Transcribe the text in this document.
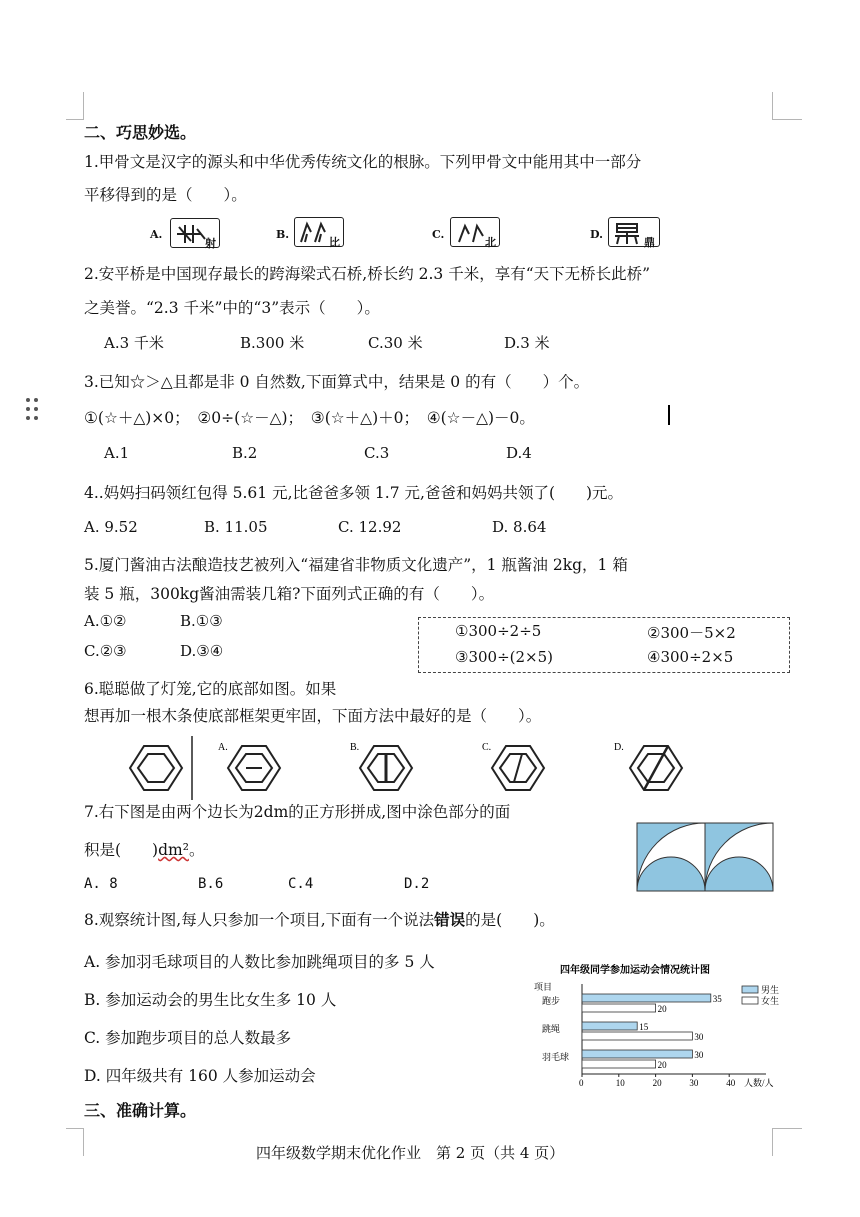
二、巧思妙选。
1.甲骨文是汉字的源头和中华优秀传统文化的根脉。下列甲骨文中能用其中一部分
平移得到的是（　　）。
A.
射
B.
比
C.
北
D.
鼎
2.安平桥是中国现存最长的跨海梁式石桥,桥长约 2.3 千米，享有“天下无桥长此桥”
之美誉。“2.3 千米”中的“3”表示（　　）。
A.3 千米	B.300 米	C.30 米	D.3 米
3.已知☆＞△且都是非 0 自然数,下面算式中，结果是 0 的有（　　）个。
①(☆＋△)×0；　②0÷(☆－△)；　③(☆＋△)＋0；　④(☆－△)－0。
A.1	B.2	C.3	D.4
4..妈妈扫码领红包得 5.61 元,比爸爸多领 1.7 元,爸爸和妈妈共领了(　　)元。
A. 9.52	B. 11.05	C. 12.92	D. 8.64
5.厦门酱油古法酿造技艺被列入“福建省非物质文化遗产”，1 瓶酱油 2kg，1 箱
装 5 瓶，300kg酱油需装几箱?下面列式正确的有（　　）。
A.①②	B.①③
C.②③	D.③④
①300÷2÷5	②300－5×2
③300÷(2×5)	④300÷2×5
6.聪聪做了灯笼,它的底部如图。如果
想再加一根木条使底部框架更牢固，下面方法中最好的是（　　）。
A.	B.	C.	D.
7.右下图是由两个边长为2dm的正方形拼成,图中涂色部分的面
积是(　　)dm²。
A. 8	B.6	C.4	D.2
8.观察统计图,每人只参加一个项目,下面有一个说法错误的是(　　)。
A. 参加羽毛球项目的人数比参加跳绳项目的多 5 人
B. 参加运动会的男生比女生多 10 人
C. 参加跑步项目的总人数最多
D. 四年级共有 160 人参加运动会
四年级同学参加运动会情况统计图
项目
人数/人
0	10	20	30	40
跑步	35
20
跳绳	15
30
羽毛球	30
20
男生
女生
三、准确计算。
四年级数学期末优化作业　第 2 页（共 4 页）
